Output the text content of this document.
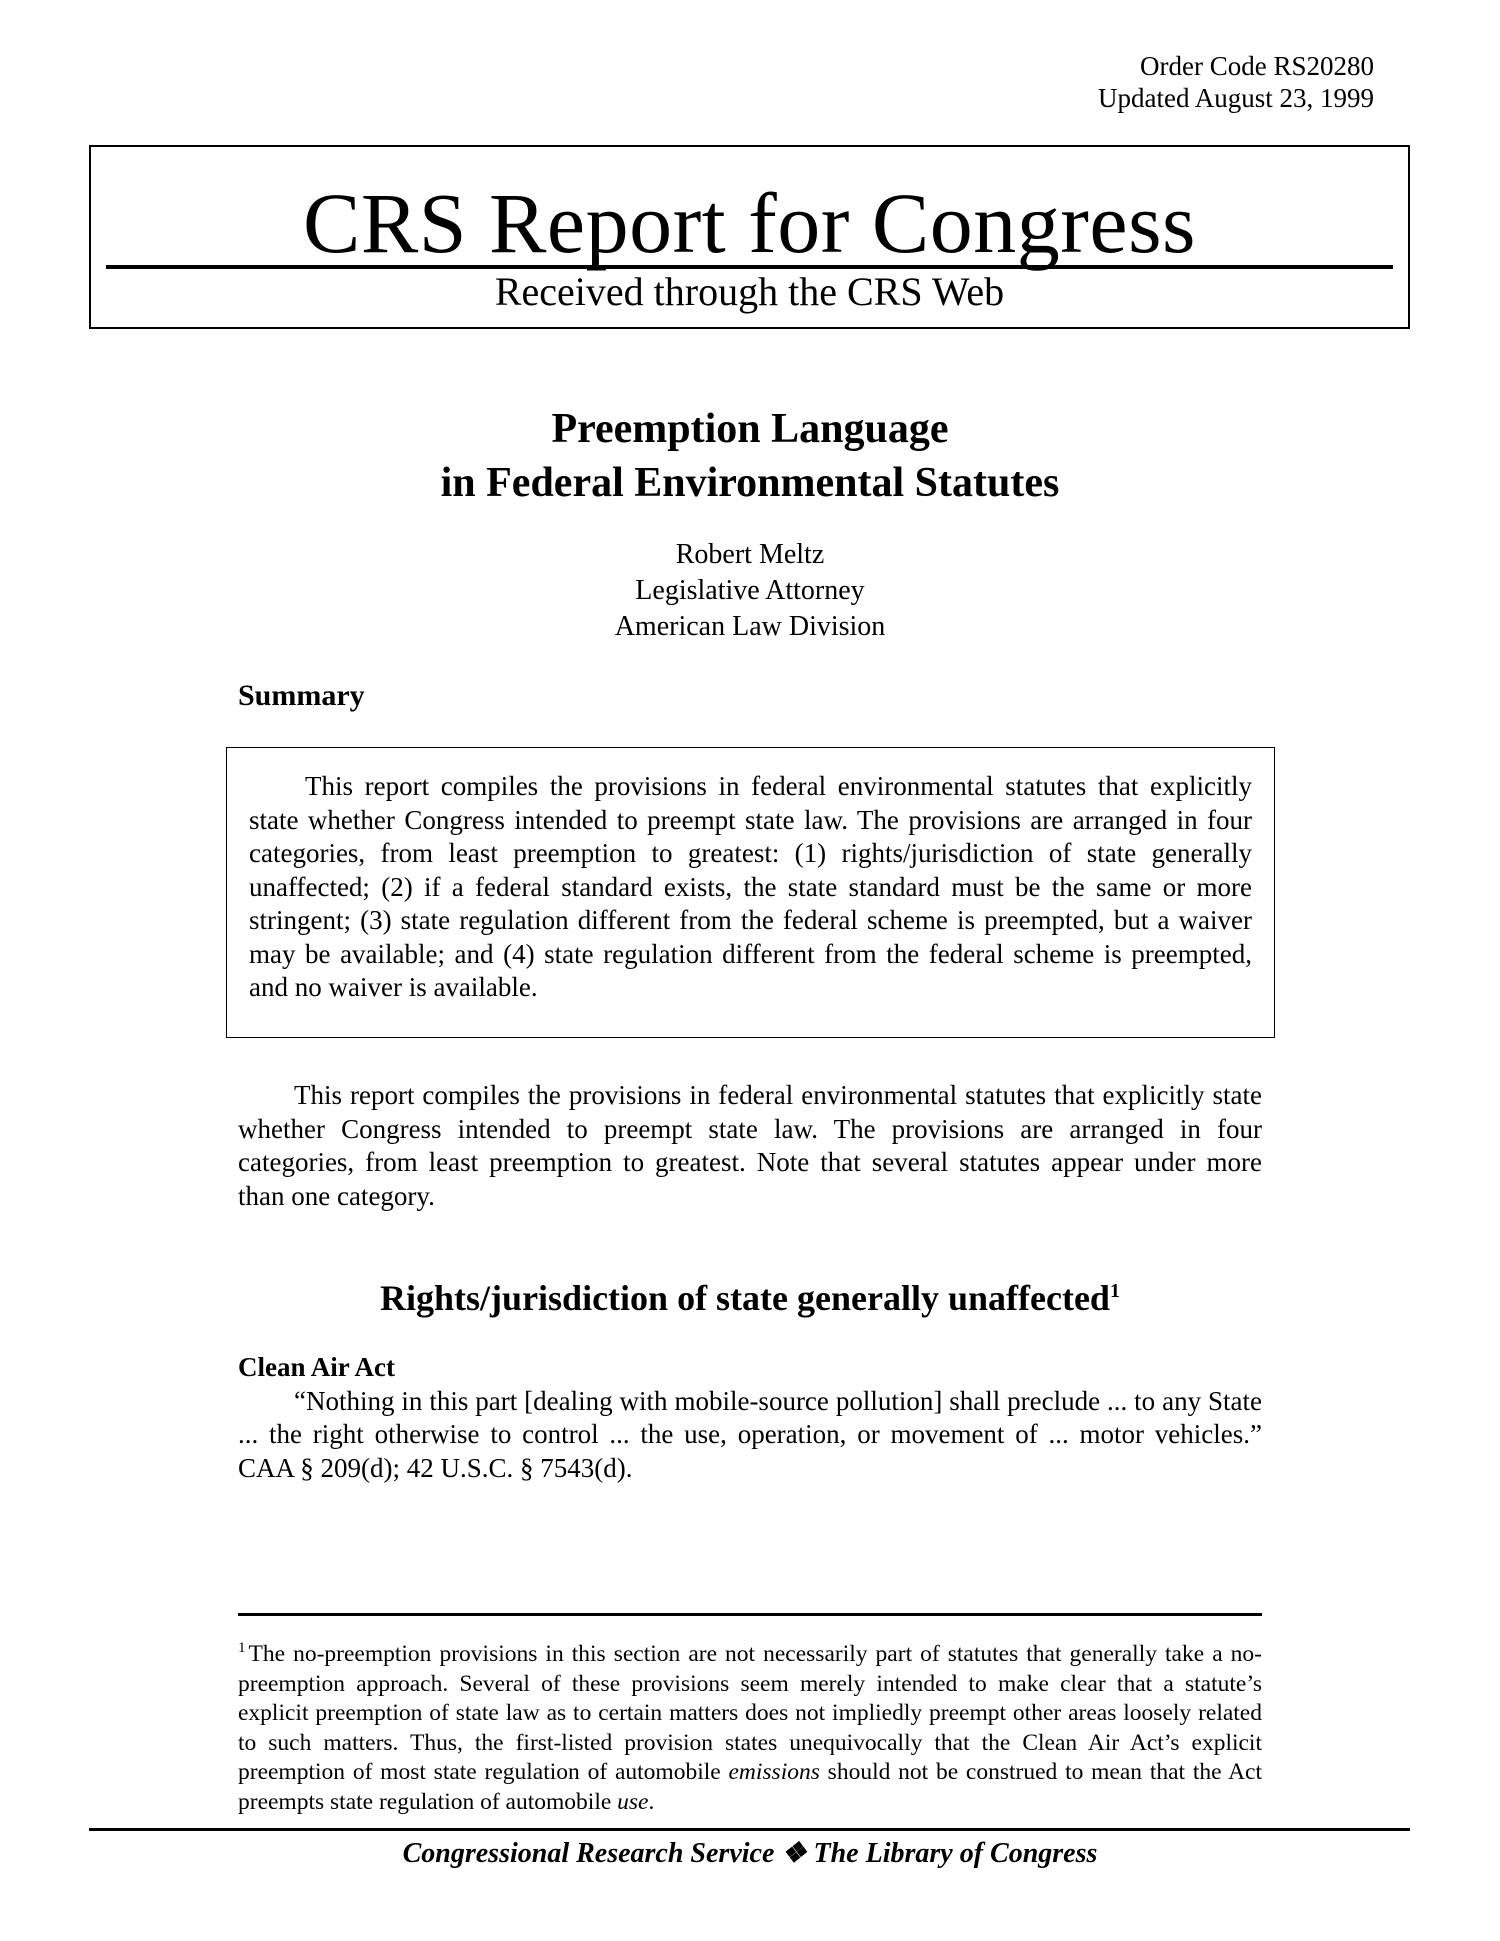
Order Code RS20280
Updated August 23, 1999
CRS Report for Congress
Received through the CRS Web
Preemption Language
in Federal Environmental Statutes
Robert Meltz
Legislative Attorney
American Law Division
Summary

This report compiles the provisions in federal environmental statutes that explicitly state whether Congress intended to preempt state law. The provisions are arranged in four categories, from least preemption to greatest: (1) rights/jurisdiction of state generally unaffected; (2) if a federal standard exists, the state standard must be the same or more stringent; (3) state regulation different from the federal scheme is preempted, but a waiver may be available; and (4) state regulation different from the federal scheme is preempted, and no waiver is available.

This report compiles the provisions in federal environmental statutes that explicitly state whether Congress intended to preempt state law. The provisions are arranged in four categories, from least preemption to greatest. Note that several statutes appear under more than one category.

Rights/jurisdiction of state generally unaffected$^1$

Clean Air Act

“Nothing in this part [dealing with mobile-source pollution] shall preclude ... to any State ... the right otherwise to control ... the use, operation, or movement of ... motor vehicles.” CAA § 209(d); 42 U.S.C. § 7543(d).

$^1$ The no-preemption provisions in this section are not necessarily part of statutes that generally take a no-preemption approach. Several of these provisions seem merely intended to make clear that a statute’s explicit preemption of state law as to certain matters does not impliedly preempt other areas loosely related to such matters. Thus, the first-listed provision states unequivocally that the Clean Air Act’s explicit preemption of most state regulation of automobile emissions should not be construed to mean that the Act preempts state regulation of automobile use.

Congressional Research Service ❖ The Library of Congress
